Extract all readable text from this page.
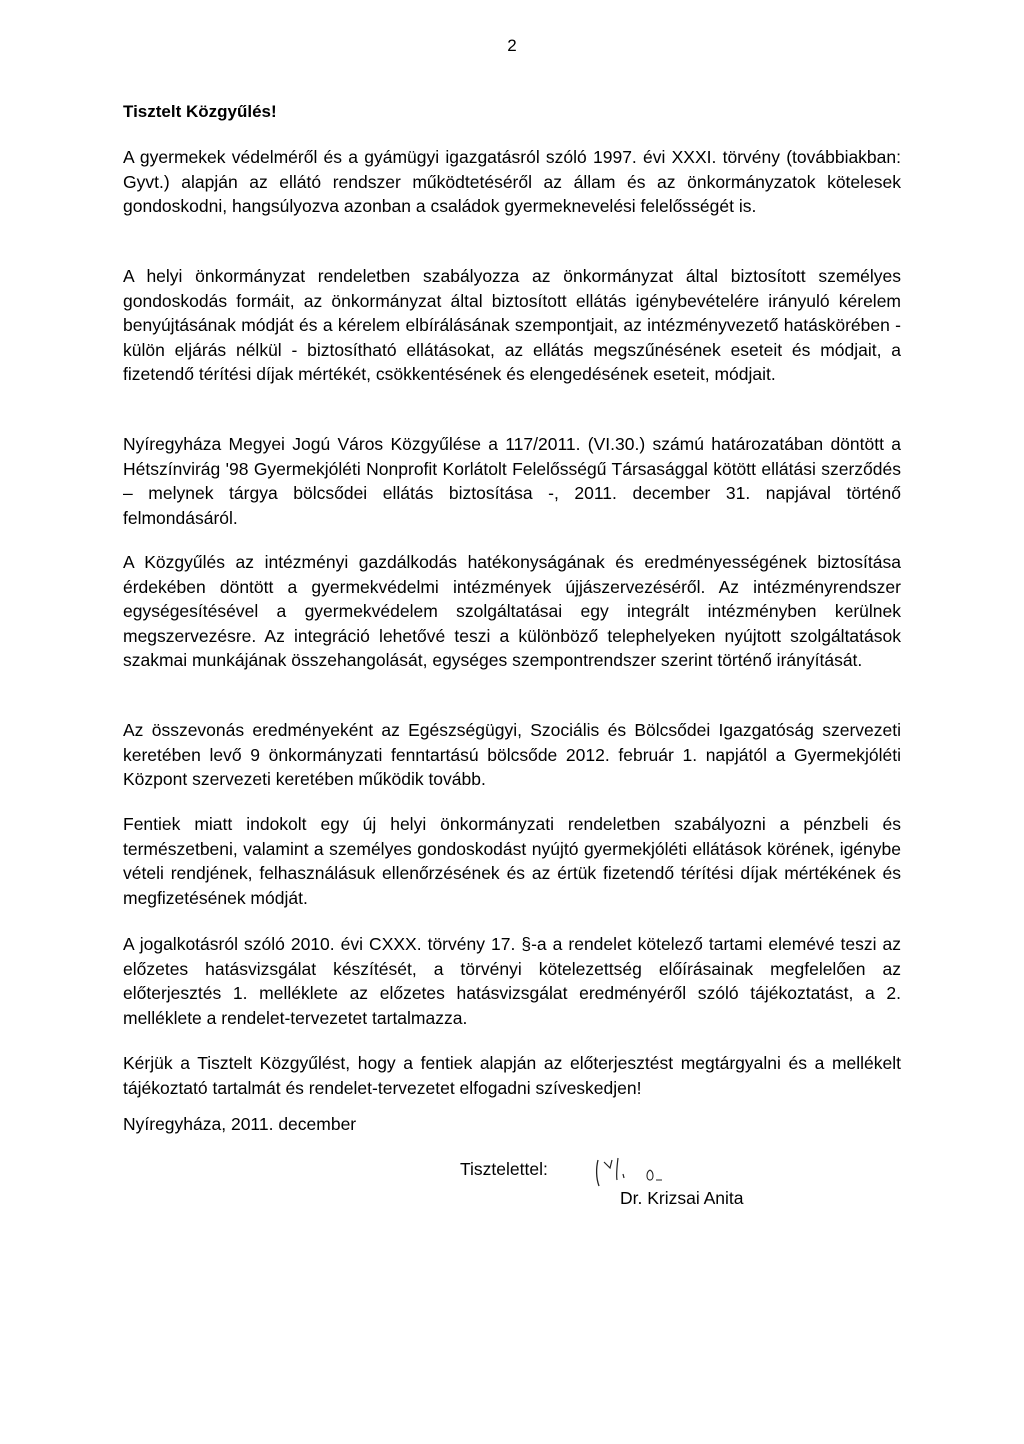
2
Tisztelt Közgyűlés!

A gyermekek védelméről és a gyámügyi igazgatásról szóló 1997. évi XXXI. törvény (továbbiakban: Gyvt.) alapján az ellátó rendszer működtetéséről az állam és az önkormányzatok kötelesek gondoskodni, hangsúlyozva azonban a családok gyermeknevelési felelősségét is.

A helyi önkormányzat rendeletben szabályozza az önkormányzat által biztosított személyes gondoskodás formáit, az önkormányzat által biztosított ellátás igénybevételére irányuló kérelem benyújtásának módját és a kérelem elbírálásának szempontjait, az intézményvezető hatáskörében - külön eljárás nélkül - biztosítható ellátásokat, az ellátás megszűnésének eseteit és módjait, a fizetendő térítési díjak mértékét, csökkentésének és elengedésének eseteit, módjait.

Nyíregyháza Megyei Jogú Város Közgyűlése a 117/2011. (VI.30.) számú határozatában döntött a Hétszínvirág '98 Gyermekjóléti Nonprofit Korlátolt Felelősségű Társasággal kötött ellátási szerződés – melynek tárgya bölcsődei ellátás biztosítása -, 2011. december 31. napjával történő felmondásáról.

A Közgyűlés az intézményi gazdálkodás hatékonyságának és eredményességének biztosítása érdekében döntött a gyermekvédelmi intézmények újjászervezéséről. Az intézményrendszer egységesítésével a gyermekvédelem szolgáltatásai egy integrált intézményben kerülnek megszervezésre. Az integráció lehetővé teszi a különböző telephelyeken nyújtott szolgáltatások szakmai munkájának összehangolását, egységes szempontrendszer szerint történő irányítását.

Az összevonás eredményeként az Egészségügyi, Szociális és Bölcsődei Igazgatóság szervezeti keretében levő 9 önkormányzati fenntartású bölcsőde 2012. február 1. napjától a Gyermekjóléti Központ szervezeti keretében működik tovább.

Fentiek miatt indokolt egy új helyi önkormányzati rendeletben szabályozni a pénzbeli és természetbeni, valamint a személyes gondoskodást nyújtó gyermekjóléti ellátások körének, igénybe vételi rendjének, felhasználásuk ellenőrzésének és az értük fizetendő térítési díjak mértékének és megfizetésének módját.

A jogalkotásról szóló 2010. évi CXXX. törvény 17. §-a a rendelet kötelező tartami elemévé teszi az előzetes hatásvizsgálat készítését, a törvényi kötelezettség előírásainak megfelelően az előterjesztés 1. melléklete az előzetes hatásvizsgálat eredményéről szóló tájékoztatást, a 2. melléklete a rendelet-tervezetet tartalmazza.

Kérjük a Tisztelt Közgyűlést, hogy a fentiek alapján az előterjesztést megtárgyalni és a mellékelt tájékoztató tartalmát és rendelet-tervezetet elfogadni szíveskedjen!

Nyíregyháza, 2011. december
Tisztelettel:
Dr. Krizsai Anita
